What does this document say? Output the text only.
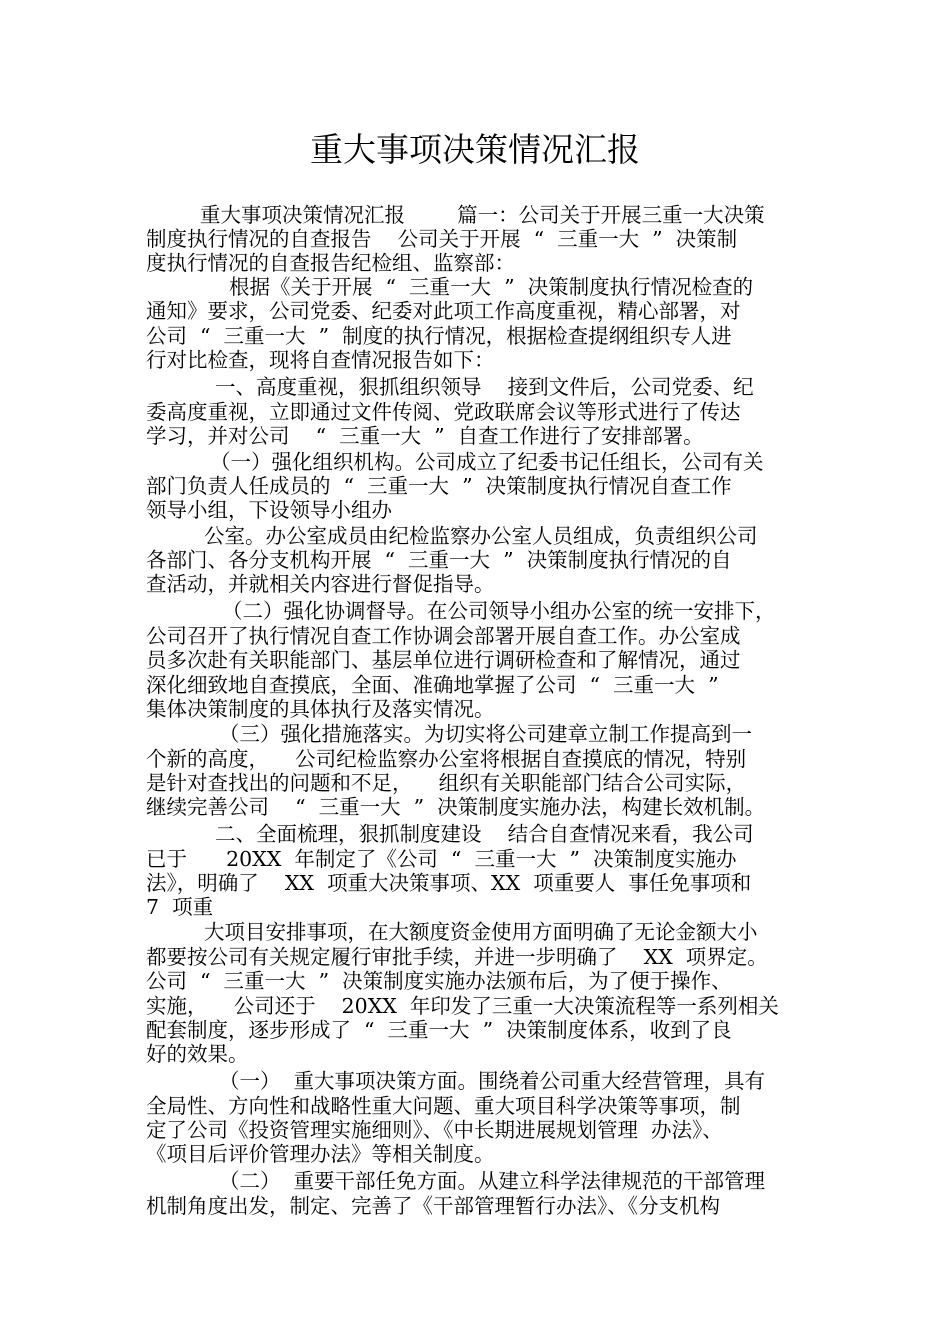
重大事项决策情况汇报
重大事项决策情况汇报        篇一：公司关于开展三重一大决策
制度执行情况的自查报告    公司关于开展  “  三重一大  ”  决策制
度执行情况的自查报告纪检组、监察部：
根据《关于开展  “  三重一大  ”  决策制度执行情况检查的
通知》要求，公司党委、纪委对此项工作高度重视，精心部署，对
公司  “  三重一大  ”  制度的执行情况，根据检查提纲组织专人进
行对比检查，现将自查情况报告如下：
一、高度重视，狠抓组织领导    接到文件后，公司党委、纪
委高度重视，立即通过文件传阅、党政联席会议等形式进行了传达
学习，并对公司    “  三重一大  ”  自查工作进行了安排部署。
（一）强化组织机构。公司成立了纪委书记任组长，公司有关
部门负责人任成员的  “  三重一大  ”  决策制度执行情况自查工作
领导小组，下设领导小组办
公室。办公室成员由纪检监察办公室人员组成，负责组织公司
各部门、各分支机构开展  “  三重一大  ”  决策制度执行情况的自
查活动，并就相关内容进行督促指导。
（二）强化协调督导。在公司领导小组办公室的统一安排下，
公司召开了执行情况自查工作协调会部署开展自查工作。办公室成
员多次赴有关职能部门、基层单位进行调研检查和了解情况，通过
深化细致地自查摸底，全面、准确地掌握了公司  “  三重一大  ”
集体决策制度的具体执行及落实情况。
（三）强化措施落实。为切实将公司建章立制工作提高到一
个新的高度，    公司纪检监察办公室将根据自查摸底的情况，特别
是针对查找出的问题和不足，    组织有关职能部门结合公司实际，
继续完善公司    “  三重一大  ”  决策制度实施办法，构建长效机制。
二、全面梳理，狠抓制度建设    结合自查情况来看，我公司
已于      20XX  年制定了《公司  “  三重一大  ”  决策制度实施办
法》，明确了    XX  项重大决策事项、XX  项重要人  事任免事项和
7  项重
大项目安排事项，在大额度资金使用方面明确了无论金额大小
都要按公司有关规定履行审批手续，并进一步明确了    XX  项界定。
公司  “  三重一大  ”  决策制度实施办法颁布后，为了便于操作、
实施，    公司还于    20XX  年印发了三重一大决策流程等一系列相关
配套制度，逐步形成了  “  三重一大  ”  决策制度体系，收到了良
好的效果。
（一）  重大事项决策方面。围绕着公司重大经营管理，具有
全局性、方向性和战略性重大问题、重大项目科学决策等事项，制
定了公司《投资管理实施细则》、《中长期进展规划管理  办法》、
《项目后评价管理办法》等相关制度。
（二）  重要干部任免方面。从建立科学法律规范的干部管理
机制角度出发，制定、完善了《干部管理暂行办法》、《分支机构
